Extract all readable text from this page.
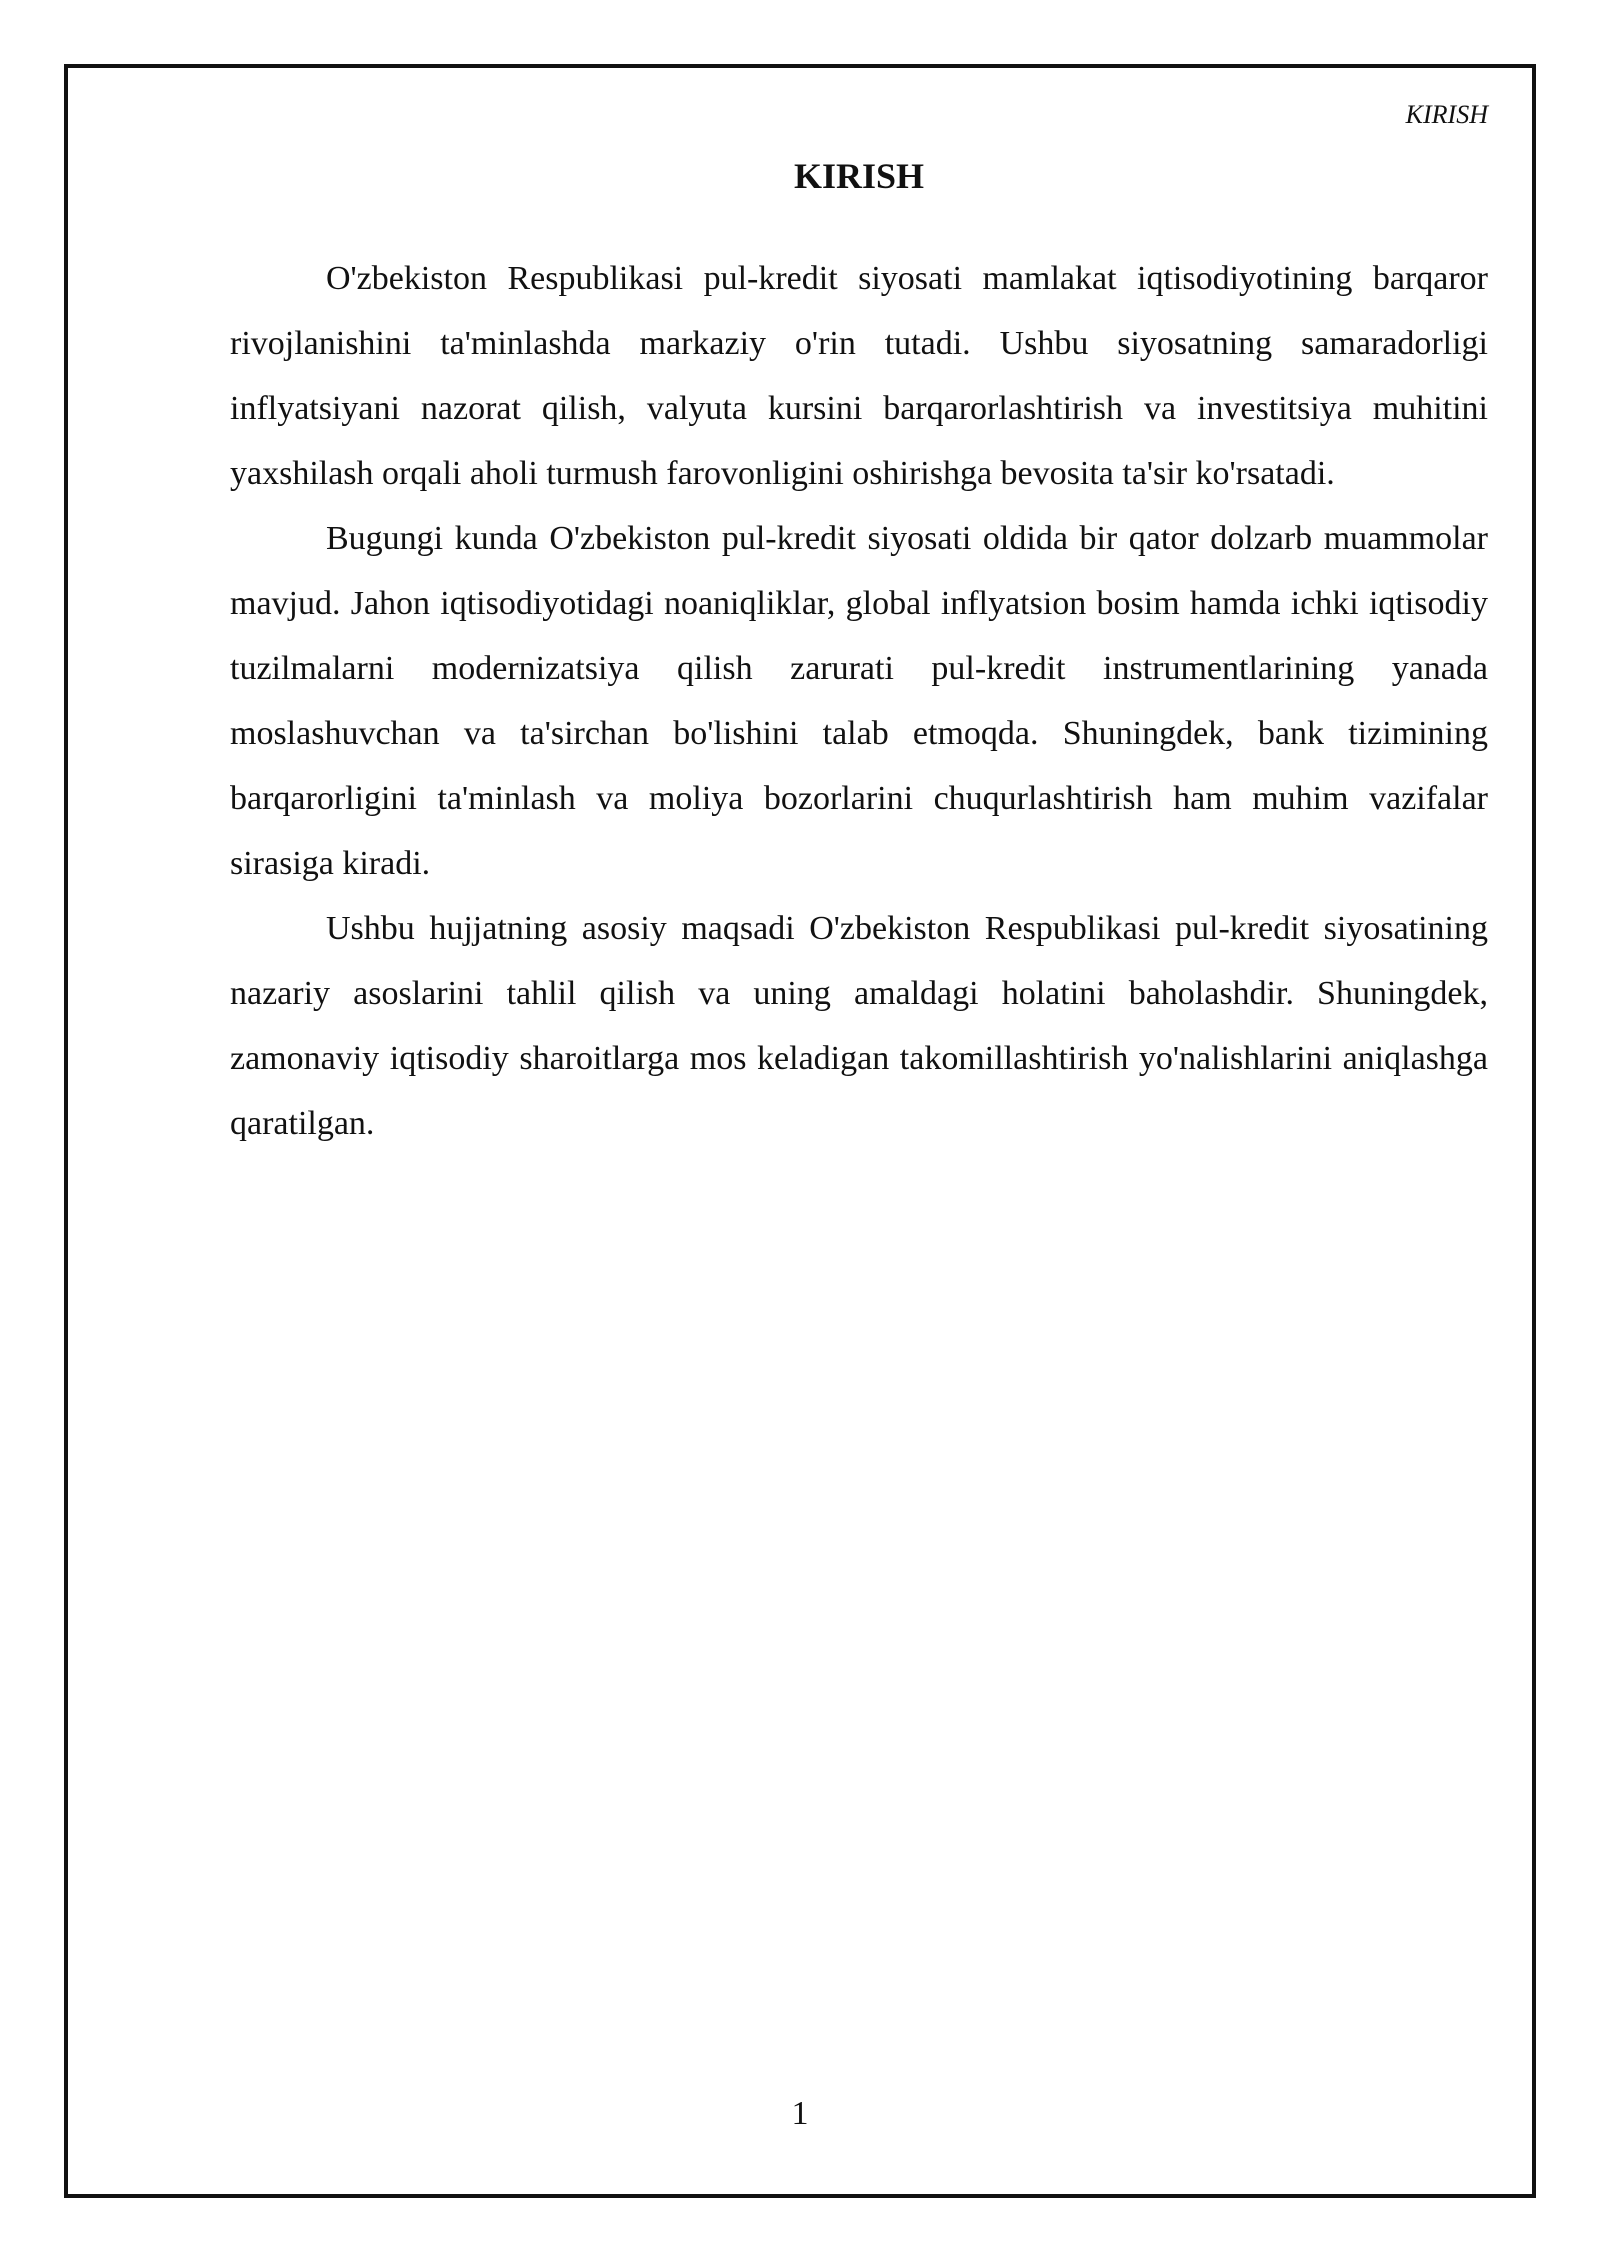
KIRISH
KIRISH

O'zbekiston Respublikasi pul-kredit siyosati mamlakat iqtisodiyotining barqaror rivojlanishini ta'minlashda markaziy o'rin tutadi. Ushbu siyosatning samaradorligi inflyatsiyani nazorat qilish, valyuta kursini barqarorlashtirish va investitsiya muhitini yaxshilash orqali aholi turmush farovonligini oshirishga bevosita ta'sir ko'rsatadi.

Bugungi kunda O'zbekiston pul-kredit siyosati oldida bir qator dolzarb muammolar mavjud. Jahon iqtisodiyotidagi noaniqliklar, global inflyatsion bosim hamda ichki iqtisodiy tuzilmalarni modernizatsiya qilish zarurati pul-kredit instrumentlarining yanada moslashuvchan va ta'sirchan bo'lishini talab etmoqda. Shuningdek, bank tizimining barqarorligini ta'minlash va moliya bozorlarini chuqurlashtirish ham muhim vazifalar sirasiga kiradi.

Ushbu hujjatning asosiy maqsadi O'zbekiston Respublikasi pul-kredit siyosatining nazariy asoslarini tahlil qilish va uning amaldagi holatini baholashdir. Shuningdek, zamonaviy iqtisodiy sharoitlarga mos keladigan takomillashtirish yo'nalishlarini aniqlashga qaratilgan.

1
